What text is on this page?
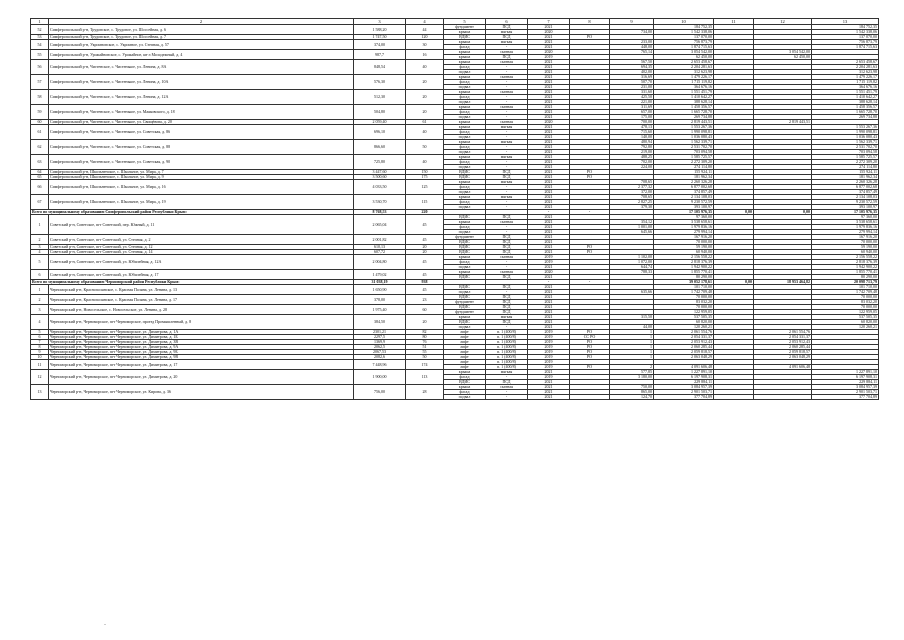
1	2	3	4	5	6	7	8	9	10	11	12	13
52	Симферопольский р-н, Трудовское, с. Трудовое, ул. Шоссейная, д. 6	1 588,20	44	фундамент	ПСД	2021			184 752,35			184 752,35
				крыша	мягкая	2020		734,00	1 542 338,06			1 542 338,06
53	Симферопольский р-н, Трудовское, с. Трудовое, ул. Шоссейная, д. 7	1 747,50	120	ВДИС	ПСД	2021	РО		137 070,00			137 070,00
54	Симферопольский р-н, Укромновское, с. Укромное, ул. Степная, д. 57	374,00	30	крыша	мягкая	2021		233,00	756 873,79			756 873,79
				фасад	-	2021		448,00	1 874 715,63			1 874 715,63
55	Симферопольский р-н, Урожайновское, с. Урожайное, кв-л Молодежный, д. 4	987,7	16	крыша	скатная	2020		765,14	3 054 542,00		3 054 542,00	
				крыша	ПСД	2019			62 450,00		62 450,00	
56	Симферопольский р-н, Чистенское, с. Чистенькое, ул. Ленина, д. 8А	848,54	40	крыша	скатная	2021		567,50	2 653 458,67			2 653 458,67
				фасад	-	2021		694,35	2 204 281,63			2 204 281,63
				подвал	-	2021		402,00	312 623,98			312 623,98
57	Симферопольский р-н, Чистенское, с. Чистенькое, ул. Ленина, д. 10А	576,30	20	крыша	скатная	2021		316,69	1 479 226,17			1 479 226,17
				фасад	-	2021		507,70	1 715 119,82			1 715 119,82
				подвал	-	2021		231,00	364 676,16			364 676,16
58	Симферопольский р-н, Чистенское, с. Чистенькое, ул. Ленина, д. 12А	512,30	20	крыша	скатная	2021		331,60	1 551 451,79			1 551 451,79
				фасад	-	2021		425,50	1 410 642,27			1 410 642,27
				подвал	-	2021		221,00	388 628,14			388 628,14
59	Симферопольский р-н, Чистенское, с. Чистенькое, ул. Маяковского, д. 18	504,80	20	крыша	скатная	2021		311,69	1 458 356,57			1 458 356,57
				фасад	-	2021		657,00	1 665 728,70			1 665 728,70
				подвал	-	2021		175,00	269 734,88			269 734,88
60	Симферопольский р-н, Чистенское, с. Чистенькое, ул. Свищёвова, д. 20	2 059,40	61	крыша	скатная	2020		700,00	2 819 443,51		2 819 443,51	
61	Симферопольский р-н, Чистенское, с. Чистенькое, ул. Советская, д. 86	696,10	40	крыша	мягкая	2021		478,13	1 553 267,36			1 553 267,36
				фасад	-	2021		715,60	1 990 098,81			1 990 098,81
				подвал	-	2021		140,00	1 036 080,43			1 036 080,43
62	Симферопольский р-н, Чистенское, с. Чистенькое, ул. Советская, д. 88	866,60	50	крыша	мягкая	2021		480,94	1 562 339,71			1 562 339,71
				фасад	-	2021		792,80	2 531 702,70			2 531 702,70
				подвал	-	2021		219,00	703 094,58			703 094,58
63	Симферопольский р-н, Чистенское, с. Чистенькое, ул. Советская, д. 90	725,80	40	крыша	мягкая	2021		488,25	1 585 725,57			1 585 725,57
				фасад	-	2021		702,00	2 272 309,20			2 272 309,20
				подвал	-	2021		224,00	274 114,80			274 114,80
64	Симферопольский р-н, Школьненское, с. Школьное, ул. Мира, д. 7	3 447,60	150	ВДИС	ПСД	2021	РО		155 924,11			155 924,11
65	Симферопольский р-н, Школьненское, с. Школьное, ул. Мира, д. 9	3 500,60	175	ВДИС	ПСД	2021	РО		181 962,34			181 962,34
66	Симферопольский р-н, Школьненское, с. Школьное, ул. Мира, д. 16	4 033,50	125	крыша	мягкая	2021		708,65	2 260 326,28			2 260 326,28
				фасад	-	2021		2 377,32	6 877 002,68			6 877 002,68
				подвал	-	2021		372,00	374 857,49			374 857,49
67	Симферопольский р-н, Школьненское, с. Школьное, ул. Мира, д. 19	3 530,70	115	крыша	мягкая	2021		708,65	2 134 108,03			2 134 108,03
				фасад	-	2021		2 827,25	9 230 572,59			9 230 572,59
				подвал	-	2021		379,30	393 100,97			393 100,97
Всего по муниципальному образованию Симферопольский район Республики Крым:		8 768,53	220			-	-		17 105 976,35	0,00	0,00	17 105 976,35
1	Советский р-н, Советское, пгт Советский, пер. Южный, д. 11	2 065,04	45	ВДИС	ПСД	2021			97 360,00			97 360,00
				крыша	скатная	2021		354,12	3 538 658,61			3 538 658,61
				фасад	-	2021		1 001,00	1 979 836,16			1 979 836,16
				подвал	-	2021		645,66	279 994,14			279 994,14
2	Советский р-н, Советское, пгт Советский, ул. Степная, д. 2	2 001,82	45	фундамент	ПСД	2021			167 916,20			167 916,20
				ВДИС	ПСД	2021			70 000,00			70 000,00
3	Советский р-н, Советское, пгт Советский, ул. Степная, д. 12	610,13	20	ВДИС	ПСД	2021	РО		59 190,00			59 190,00
4	Советский р-н, Советское, пгт Советский, ул. Степная, д. 14	607,72	20	ВДИС	ПСД	2021	РО		60 940,00			60 940,00
5	Советский р-н, Советское, пгт Советский, ул. Юбилейная, д. 12А	2 004,80	45	крыша	скатная	2019		1 102,00	2 156 558,22			2 156 558,22
				фасад	-	2019		1 072,00	2 818 376,39			2 818 376,39
				подвал	-	2021		644,74	1 942 900,22			1 942 900,22
6	Советский р-н, Советское, пгт Советский, ул. Юбилейная, д. 17	1 479,02	45	крыша	скатная	2020		788,33	1 855 770,41			1 855 770,41
				ВДИС	ПСД	2021			80 290,00			80 290,00
Всего по муниципальному образованию Черноморский район Республики Крым:		31 038,19	938			-	-		39 052 178,61	0,00	18 953 464,82	20 098 713,79
1	Черноморский р-н, Краснополянское, с. Красная Поляна, ул. Ленина, д. 13	1 650,90	45	ВДИС	ПСД	2021			101 710,00			101 710,00
				подвал	-	2021		635,66	1 742 709,48			1 742 709,48
2	Черноморский р-н, Краснополянское, с. Красная Поляна, ул. Ленина, д. 17	378,00	23	ВДИС	ПСД	2021			70 000,00			70 000,00
				фундамент	ПСД	2021			83 032,20			83 032,20
3	Черноморский р-н, Новосельское, с. Новосельское, ул. Ленина, д. 28	1 975,40	60	ВДИС	ПСД	2021			70 000,00			70 000,00
				фундамент	ПСД	2021			122 959,05			122 959,05
4	Черноморский р-н, Черноморское, пгт Черноморское, проезд Промышленный, д. 8	384,50	20	крыша	мягкая	2021		315,50	537 505,35			537 505,35
				ВДИС	ПСД	2021			60 820,00			60 820,00
				подвал	-	2021		44,00	120 260,21			120 260,21
5	Черноморский р-н, Черноморское, пгт Черноморское, ул. Димитрова, д. 1А	2301,21	82	лифт	п. 1 (400/8)	2019	РО	1	2 061 554,76		2 061 554,76	
6	Черноморский р-н, Черноморское, пгт Черноморское, ул. Димитрова, д. 1Б	2297,5	80	лифт	п. 1 (400/8)	2019	СС РО	1	2 054 331,37		2 054 331,37	
7	Черноморский р-н, Черноморское, пгт Черноморское, ул. Димитрова, д. 3В	1369,9	76	лифт	п. 1 (400/8)	2019	РО	1	2 053 912,43		2 053 912,43	
8	Черноморский р-н, Черноморское, пгт Черноморское, ул. Димитрова, д. 9А	2062,5	51	лифт	п. 1 (400/8)	2019	РО	1	2 060 285,44		2 060 285,44	
9	Черноморский р-н, Черноморское, пгт Черноморское, ул. Димитрова, д. 9Б	2067,53	55	лифт	п. 1 (400/8)	2019	РО	1	2 059 818,57		2 059 818,57	
10	Черноморский р-н, Черноморское, пгт Черноморское, ул. Димитрова, д. 9В	2082,6	50	лифт	п. 1 (400/8)	2019	РО	1	2 063 048,29		2 063 048,29	
11	Черноморский р-н, Черноморское, пгт Черноморское, ул. Димитрова, д. 17	7 448,96	174	лифт	п. 1 (400/8)	2019						
				лифт	п. 1 (400/8)	2019	РО	2	4 091 606,48		4 091 606,48	
12	Черноморский р-н, Черноморское, пгт Черноморское, ул. Димитрова, д. 20	1 900,00	113	крыша	мягкая	2021		577,85	1 227 891,10			1 227 891,10
				фасад	-	2019		3 180,00	6 197 908,31			6 197 908,31
				ВДИС	ПСД	2021			229 884,11			229 884,11
13	Черноморский р-н, Черноморское, пгт Черноморское, ул. Кирова, д. 36	756,00	28	крыша	скатная	2021		750,00	3 084 957,39			3 084 957,39
				фасад	-	2021		865,00	2 901 503,71			2 901 503,71
				подвал	-	2021		124,70	377 704,89			377 704,89
-
